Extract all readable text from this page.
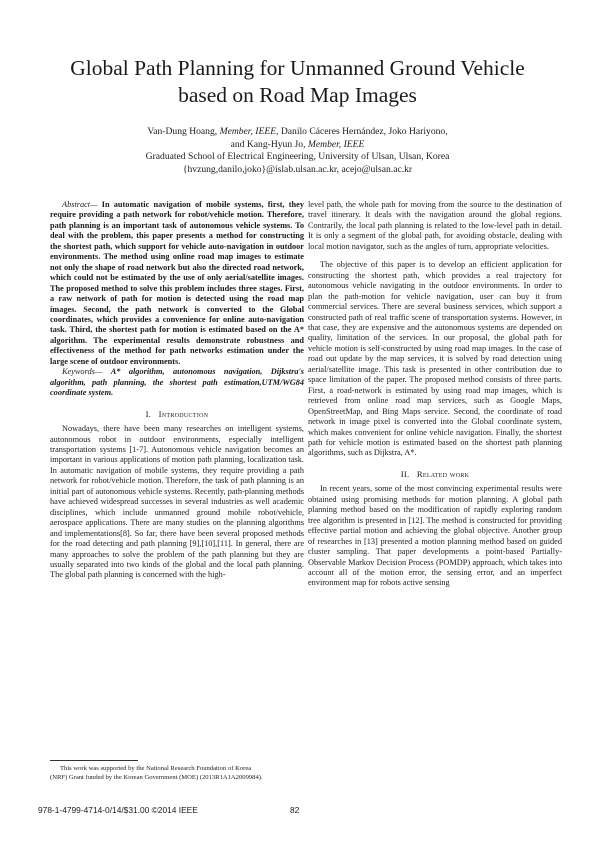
Global Path Planning for Unmanned Ground Vehicle
based on Road Map Images
Van-Dung Hoang, Member, IEEE, Danilo Cáceres Hernández, Joko Hariyono,
and Kang-Hyun Jo, Member, IEEE
Graduated School of Electrical Engineering, University of Ulsan, Ulsan, Korea
{hvzung,danilo,joko}@islab.ulsan.ac.kr, acejo@ulsan.ac.kr

Abstract— In automatic navigation of mobile systems, first, they require providing a path network for robot/vehicle motion. Therefore, path planning is an important task of autonomous vehicle systems. To deal with the problem, this paper presents a method for constructing the shortest path, which support for vehicle auto-navigation in outdoor environments. The method using online road map images to estimate not only the shape of road network but also the directed road network, which could not be estimated by the use of only aerial/satellite images. The proposed method to solve this problem includes three stages. First, a raw network of path for motion is detected using the road map images. Second, the path network is converted to the Global coordinates, which provides a convenience for online auto-navigation task. Third, the shortest path for motion is estimated based on the A* algorithm. The experimental results demonstrate robustness and effectiveness of the method for path networks estimation under the large scene of outdoor environments.

Keywords— A* algorithm, autonomous navigation, Dijkstra's algorithm, path planning, the shortest path estimation,UTM/WG84 coordinate system.

I. Introduction

Nowadays, there have been many researches on intelligent systems, autonomous robot in outdoor environments, especially intelligent transportation systems [1-7]. Autonomous vehicle navigation becomes an important in various applications of motion path planning, localization task. In automatic navigation of mobile systems, they require providing a path network for robot/vehicle motion. Therefore, the task of path planning is an initial part of autonomous vehicle systems. Recently, path-planning methods have achieved widespread successes in several industries as well academic disciplines, which include unmanned ground mobile robot/vehicle, aerospace applications. There are many studies on the planning algorithms and implementations[8]. So far, there have been several proposed methods for the road detecting and path planning [9],[10],[11]. In general, there are many approaches to solve the problem of the path planning but they are usually separated into two kinds of the global and the local path planning. The global path planning is concerned with the high-

level path, the whole path for moving from the source to the destination of travel itinerary. It deals with the navigation around the global regions. Contrarily, the local path planning is related to the low-level path in detail. It is only a segment of the global path, for avoiding obstacle, dealing with local motion navigator, such as the angles of turn, appropriate velocities.

The objective of this paper is to develop an efficient application for constructing the shortest path, which provides a real trajectory for autonomous vehicle navigating in the outdoor environments. In order to plan the path-motion for vehicle navigation, user can buy it from commercial services. There are several business services, which support a constructed path of real traffic scene of transportation systems. However, in that case, they are expensive and the autonomous systems are depended on quality, limitation of the services. In our proposal, the global path for vehicle motion is self-constructed by using road map images. In the case of road out update by the map services, it is solved by road detection using aerial/satellite image. This task is presented in other contribution due to space limitation of the paper. The proposed method consists of three parts. First, a road-network is estimated by using road map images, which is retrieved from online road map services, such as Google Maps, OpenStreetMap, and Bing Maps service. Second, the coordinate of road network in image pixel is converted into the Global coordinate system, which makes convenient for online vehicle navigation. Finally, the shortest path for vehicle motion is estimated based on the shortest path planning algorithms, such as Dijkstra, A*.

II. Related work

In recent years, some of the most convincing experimental results were obtained using promising methods for motion planning. A global path planning method based on the modification of rapidly exploring random tree algorithm is presented in [12]. The method is constructed for providing effective partial motion and achieving the global objective. Another group of researches in [13] presented a motion planning method based on guided cluster sampling. That paper developments a point-based Partially-Observable Markov Decision Process (POMDP) approach, which takes into account all of the motion error, the sensing error, and an imperfect environment map for robots active sensing

This work was supported by the National Research Foundation of Korea
(NRF) Grant funded by the Korean Government (MOE) (2013R1A1A2009984).
978-1-4799-4714-0/14/$31.00 ©2014 IEEE	82
